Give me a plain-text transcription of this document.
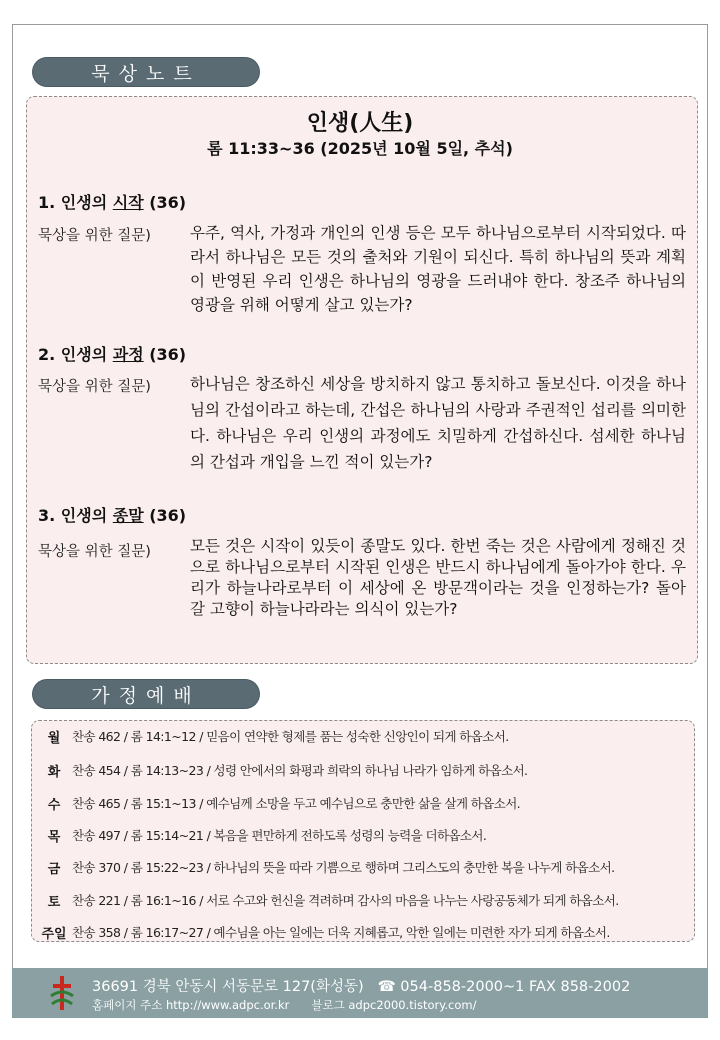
묵상노트
인생(人生)
롬 11:33~36 (2025년 10월 5일, 추석)
1. 인생의 시작 (36)
묵상을 위한 질문)	우주, 역사, 가정과 개인의 인생 등은 모두 하나님으로부터 시작되었다. 따라서 하나님은 모든 것의 출처와 기원이 되신다. 특히 하나님의 뜻과 계획이 반영된 우리 인생은 하나님의 영광을 드러내야 한다. 창조주 하나님의 영광을 위해 어떻게 살고 있는가?
2. 인생의 과정 (36)
묵상을 위한 질문)	하나님은 창조하신 세상을 방치하지 않고 통치하고 돌보신다. 이것을 하나님의 간섭이라고 하는데, 간섭은 하나님의 사랑과 주권적인 섭리를 의미한다. 하나님은 우리 인생의 과정에도 치밀하게 간섭하신다. 섬세한 하나님의 간섭과 개입을 느낀 적이 있는가?
3. 인생의 종말 (36)
묵상을 위한 질문)	모든 것은 시작이 있듯이 종말도 있다. 한번 죽는 것은 사람에게 정해진 것으로 하나님으로부터 시작된 인생은 반드시 하나님에게 돌아가야 한다. 우리가 하늘나라로부터 이 세상에 온 방문객이라는 것을 인정하는가? 돌아갈 고향이 하늘나라라는 의식이 있는가?
가정예배
월 찬송 462 / 롬 14:1~12 / 믿음이 연약한 형제를 품는 성숙한 신앙인이 되게 하옵소서.
화 찬송 454 / 롬 14:13~23 / 성령 안에서의 화평과 희락의 하나님 나라가 임하게 하옵소서.
수 찬송 465 / 롬 15:1~13 / 예수님께 소망을 두고 예수님으로 충만한 삶을 살게 하옵소서.
목 찬송 497 / 롬 15:14~21 / 복음을 편만하게 전하도록 성령의 능력을 더하옵소서.
금 찬송 370 / 롬 15:22~23 / 하나님의 뜻을 따라 기쁨으로 행하며 그리스도의 충만한 복을 나누게 하옵소서.
토 찬송 221 / 롬 16:1~16 / 서로 수고와 헌신을 격려하며 감사의 마음을 나누는 사랑공동체가 되게 하옵소서.
주일 찬송 358 / 롬 16:17~27 / 예수님을 아는 일에는 더욱 지혜롭고, 악한 일에는 미련한 자가 되게 하옵소서.
36691 경북 안동시 서동문로 127(화성동) ☎ 054-858-2000~1 FAX 858-2002
홈페이지 주소 http://www.adpc.or.kr 블로그 adpc2000.tistory.com/
